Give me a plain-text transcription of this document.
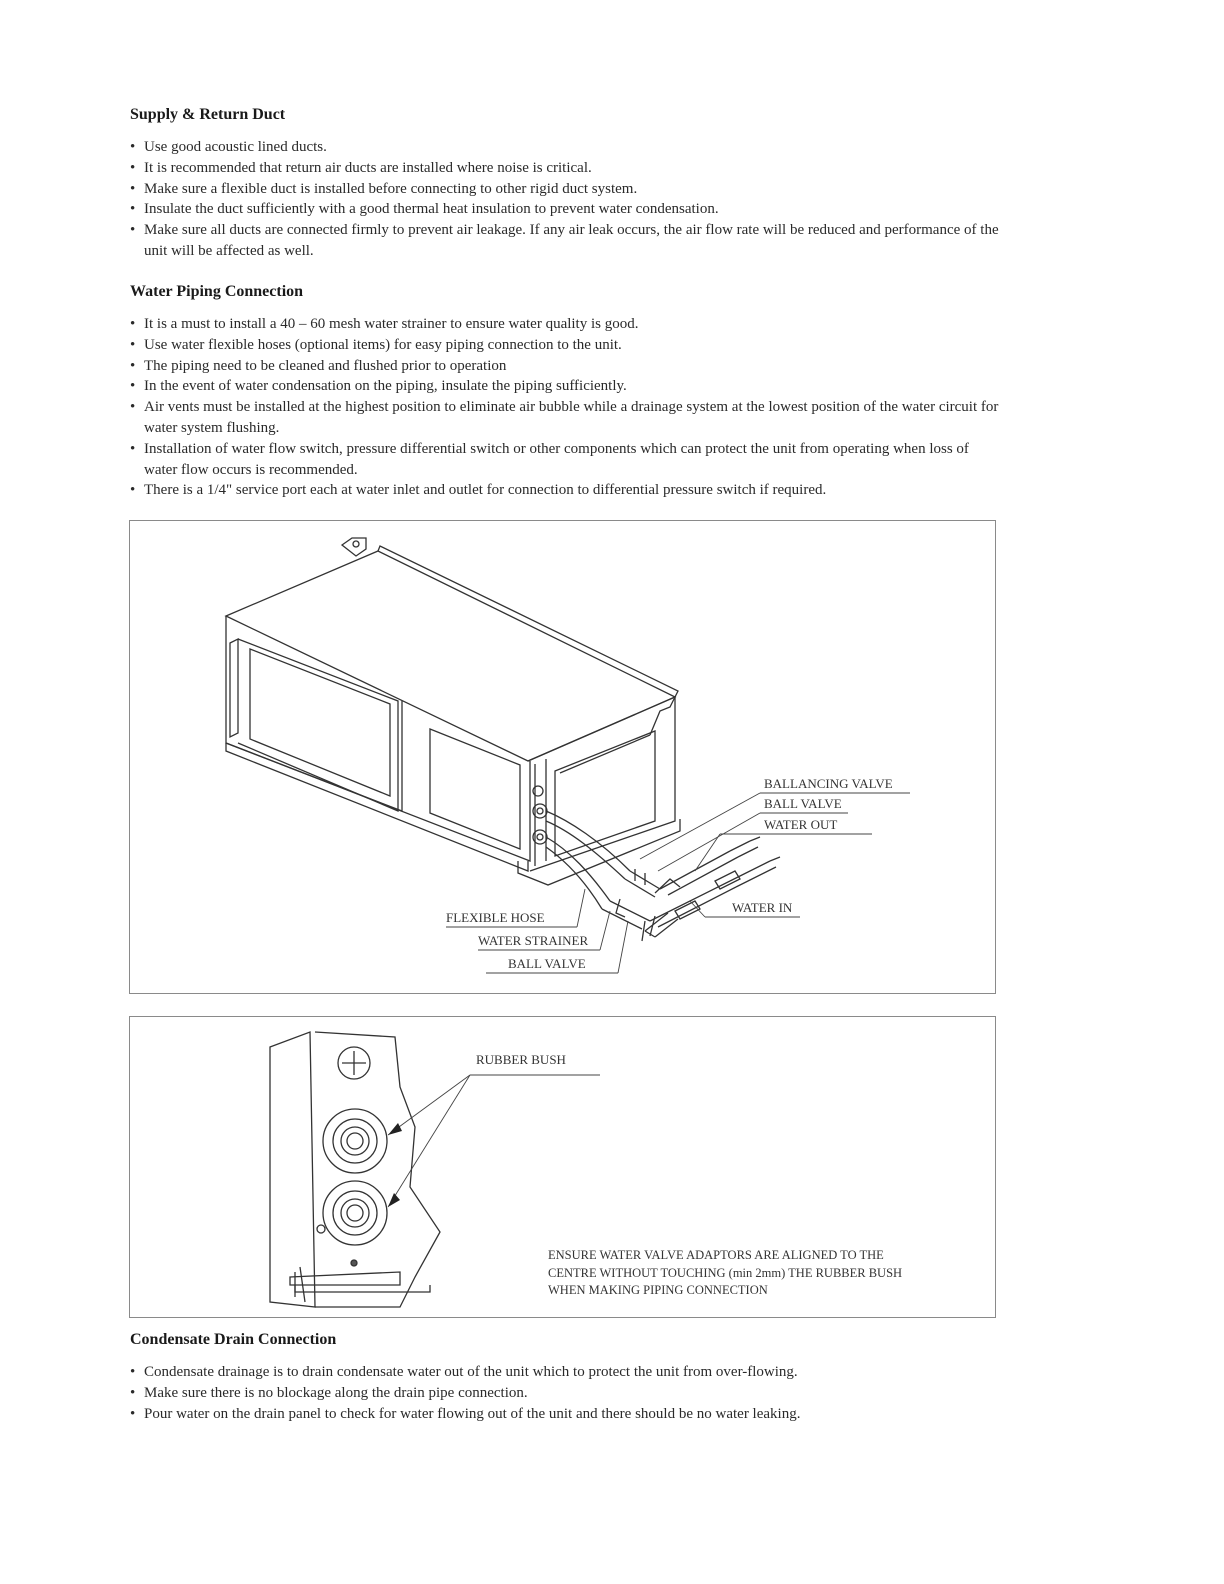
Supply & Return Duct
• Use good acoustic lined ducts.
• It is recommended that return air ducts are installed where noise is critical.
• Make sure a flexible duct is installed before connecting to other rigid duct system.
• Insulate the duct sufficiently with a good thermal heat insulation to prevent water condensation.
• Make sure all ducts are connected firmly to prevent air leakage. If any air leak occurs, the air flow rate will be reduced and performance of the unit will be affected as well.
Water Piping Connection
• It is a must to install a 40 – 60 mesh water strainer to ensure water quality is good.
• Use water flexible hoses (optional items) for easy piping connection to the unit.
• The piping need to be cleaned and flushed prior to operation
• In the event of water condensation on the piping, insulate the piping sufficiently.
• Air vents must be installed at the highest position to eliminate air bubble while a drainage system at the lowest position of the water circuit for water system flushing.
• Installation of water flow switch, pressure differential switch or other components which can protect the unit from operating when loss of water flow occurs is recommended.
• There is a 1/4" service port each at water inlet and outlet for connection to differential pressure switch if required.
BALLANCING VALVE
BALL VALVE
WATER OUT
WATER IN
FLEXIBLE HOSE
WATER STRAINER
BALL VALVE
RUBBER BUSH
ENSURE WATER VALVE ADAPTORS ARE ALIGNED TO THE
CENTRE WITHOUT TOUCHING (min 2mm) THE RUBBER BUSH
WHEN MAKING PIPING CONNECTION
Condensate Drain Connection
• Condensate drainage is to drain condensate water out of the unit which to protect the unit from over-flowing.
• Make sure there is no blockage along the drain pipe connection.
• Pour water on the drain panel to check for water flowing out of the unit and there should be no water leaking.
